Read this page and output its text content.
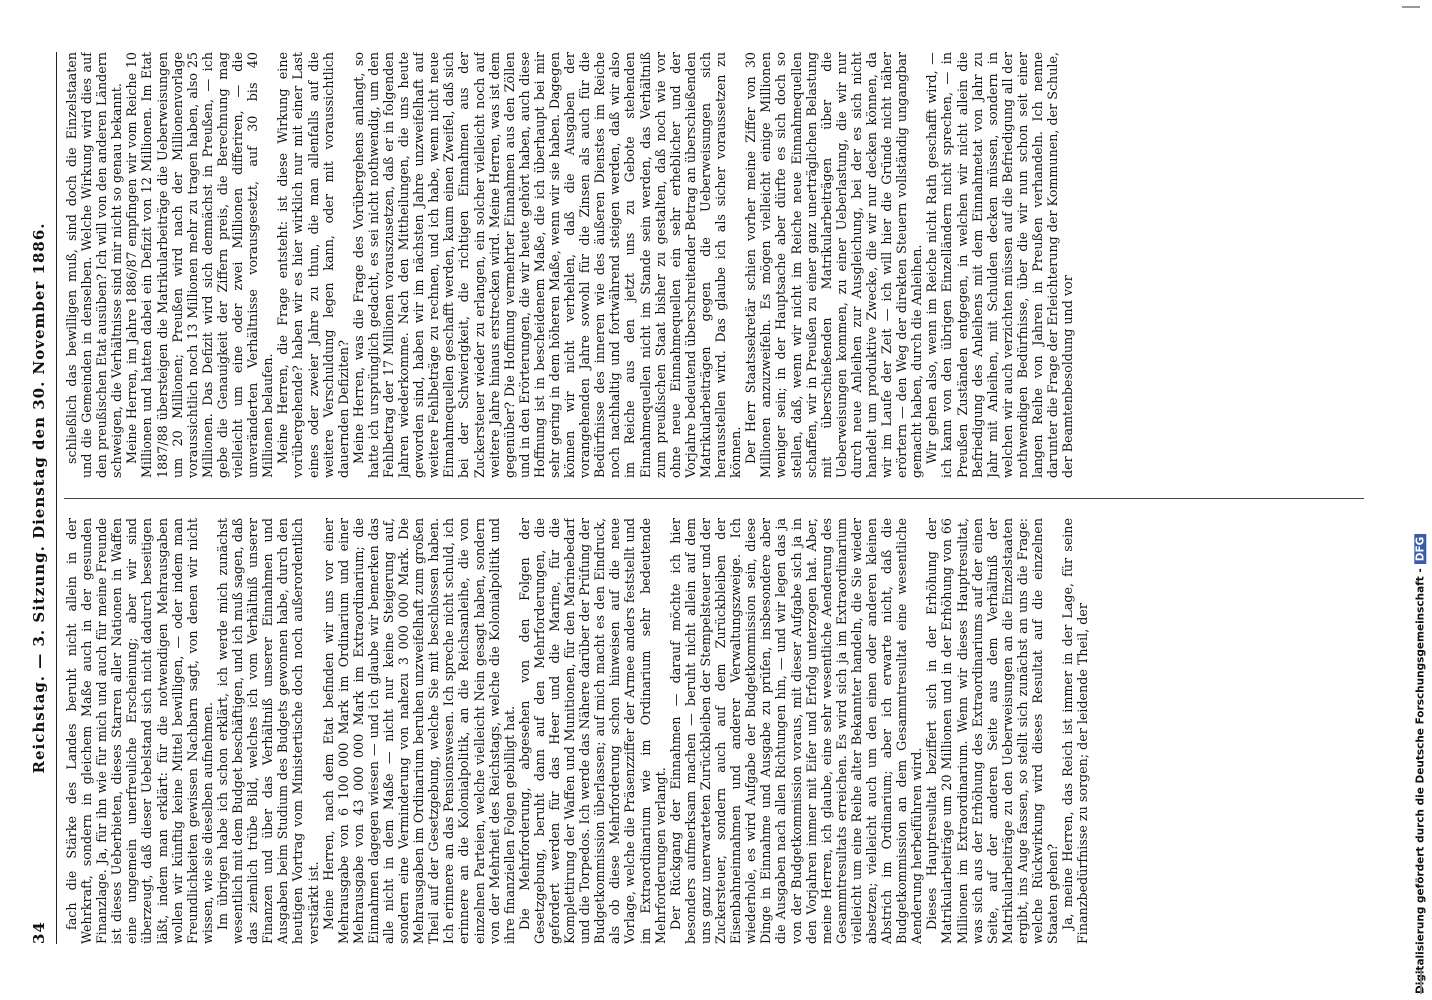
34
Reichstag. — 3. Sitzung. Dienstag den 30. November 1886. fach die Stärke des Landes beruht nicht allein in der Wehrkraft, sondern in gleichem Maße auch in der gesunden Finanzlage. Ja, für ihn wie für mich und auch für meine Freunde ist dieses Ueberbieten, dieses Starren aller Nationen in Waffen eine ungemein unerfreuliche Erscheinung; aber wir sind überzeugt, daß dieser Uebelstand sich nicht dadurch beseitigen läßt, indem man erklärt: für die notwendigen Mehrausgaben wollen wir künftig keine Mittel bewilligen, — oder indem man Freundlichkeiten gewissen Nachbarn sagt, von denen wir nicht wissen, wie sie dieselben aufnehmen. Im übrigen habe ich schon erklärt, ich werde mich zunächst wesentlich mit dem Budget beschäftigen, und ich muß sagen, daß das ziemlich trübe Bild, welches ich vom Verhältniß unserer Finanzen und über das Verhältniß unserer Einnahmen und Ausgaben beim Studium des Budgets gewonnen habe, durch den heutigen Vortrag vom Ministertische doch noch außerordentlich verstärkt ist. Meine Herren, nach dem Etat befinden wir uns vor einer Mehrausgabe von 6 100 000 Mark im Ordinarium und einer Mehrausgabe von 43 000 000 Mark im Extraordinarium; die Einnahmen dagegen wiesen — und ich glaube wir bemerken das alle nicht in dem Maße — nicht nur keine Steigerung auf, sondern eine Verminderung von nahezu 3 000 000 Mark. Die Mehrausgaben im Ordinarium beruhen unzweifelhaft zum großen Theil auf der Gesetzgebung, welche Sie mit beschlossen haben. Ich erinnere an das Pensionswesen. Ich spreche nicht schuld, ich erinnere an die Kolonialpolitik, an die Reichsanleihe, die von einzelnen Parteien, welche vielleicht Nein gesagt haben, sondern von der Mehrheit des Reichstags, welche die Kolonialpolitik und ihre finanziellen Folgen gebilligt hat. Die Mehrforderung, abgesehen von den Folgen der Gesetzgebung, beruht dann auf den Mehrforderungen, die gefordert werden für das Heer und die Marine, für die Komplettirung der Waffen und Munitionen, für den Marinebedarf und die Torpedos. Ich werde das Nähere darüber der Prüfung der Budgetkommission überlassen; auf mich macht es den Eindruck, als ob diese Mehrforderung schon hinweisen auf die neue Vorlage, welche die Präsenzziffer der Armee anders feststellt und im Extraordinarium wie im Ordinarium sehr bedeutende Mehrforderungen verlangt. Der Rückgang der Einnahmen — darauf möchte ich hier besonders aufmerksam machen — beruht nicht allein auf dem uns ganz unerwarteten Zurückbleiben der Stempelsteuer und der Zuckersteuer, sondern auch auf dem Zurückbleiben der Eisenbahneinnahmen und anderer Verwaltungszweige. Ich wiederhole, es wird Aufgabe der Budgetkommission sein, diese Dinge in Einnahme und Ausgabe zu prüfen, insbesondere aber die Ausgaben nach allen Richtungen hin, — und wir legen das ja von der Budgetkommission voraus, mit dieser Aufgabe sich ja in den Vorjahren immer mit Eifer und Erfolg unterzogen hat. Aber, meine Herren, ich glaube, eine sehr wesentliche Aenderung des Gesammtresultats erreichen. Es wird sich ja im Extraordinarium vielleicht um eine Reihe alter Bekannter handeln, die Sie wieder absetzen; vielleicht auch um den einen oder anderen kleinen Abstrich im Ordinarium; aber ich erwarte nicht, daß die Budgetkommission an dem Gesammtresultat eine wesentliche Aenderung herbeiführen wird. Dieses Hauptresultat beziffert sich in der Erhöhung der Matrikularbeiträge um 20 Millionen und in der Erhöhung von 66 Millionen im Extraordinarium. Wenn wir dieses Hauptresultat, was sich aus der Erhöhung des Extraordinariums auf der einen Seite, auf der anderen Seite aus dem Verhältniß der Matrikularbeiträge zu den Ueberweisungen an die Einzelstaaten ergibt, ins Auge fassen, so stellt sich zunächst an uns die Frage: welche Rückwirkung wird dieses Resultat auf die einzelnen Staaten gehen? Ja, meine Herren, das Reich ist immer in der Lage, für seine Finanzbedürfnisse zu sorgen; der leidende Theil, der

schließlich das bewilligen muß, sind doch die Einzelstaaten und die Gemeinden in denselben. Welche Wirkung wird dies auf den preußischen Etat ausüben? Ich will von den anderen Ländern schweigen, die Verhältnisse sind mir nicht so genau bekannt. Meine Herren, im Jahre 1886/87 empfingen wir vom Reiche 10 Millionen und hatten dabei ein Defizit von 12 Millionen. Im Etat 1887/88 übersteigen die Matrikularbeiträge die Ueberweisungen um 20 Millionen; Preußen wird nach der Millionenvorlage voraussichtlich noch 13 Millionen mehr zu tragen haben, also 25 Millionen. Das Defizit wird sich demnächst in Preußen, — ich gebe die Genauigkeit der Ziffern preis, die Berechnung mag vielleicht um eine oder zwei Millionen differiren, — die unveränderten Verhältnisse vorausgesetzt, auf 30 bis 40 Millionen belaufen. Meine Herren, die Frage entsteht: ist diese Wirkung eine vorübergehende? haben wir es hier wirklich nur mit einer Last eines oder zweier Jahre zu thun, die man allenfalls auf die weitere Verschuldung legen kann, oder mit voraussichtlich dauernden Defiziten? Meine Herren, was die Frage des Vorübergehens anlangt, so hatte ich ursprünglich gedacht, es sei nicht nothwendig, um den Fehlbetrag der 17 Millionen vorauszusetzen, daß er in folgenden Jahren wiederkomme. Nach den Mittheilungen, die uns heute geworden sind, haben wir im nächsten Jahre unzweifelhaft auf weitere Fehlbeträge zu rechnen, und ich habe, wenn nicht neue Einnahmequellen geschafft werden, kaum einen Zweifel, daß sich bei der Schwierigkeit, die richtigen Einnahmen aus der Zuckersteuer wieder zu erlangen, ein solcher vielleicht noch auf weitere Jahre hinaus erstrecken wird. Meine Herren, was ist dem gegenüber? Die Hoffnung vermehrter Einnahmen aus den Zöllen und in den Erörterungen, die wir heute gehört haben, auch diese Hoffnung ist in bescheidenem Maße, die ich überhaupt bei mir sehr gering in dem höheren Maße, wenn wir sie haben. Dagegen können wir nicht verhehlen, daß die Ausgaben der vorangehenden Jahre sowohl für die Zinsen als auch für die Bedürfnisse des inneren wie des äußeren Dienstes im Reiche noch nachhaltig und fortwährend steigen werden, daß wir also im Reiche aus den jetzt uns zu Gebote stehenden Einnahmequellen nicht im Stande sein werden, das Verhältniß zum preußischen Staat bisher zu gestalten, daß noch wie vor ohne neue Einnahmequellen ein sehr erheblicher und der Vorjahre bedeutend überschreitender Betrag an überschießenden Matrikularbeiträgen gegen die Ueberweisungen sich herausstellen wird. Das glaube ich als sicher voraussetzen zu können. Der Herr Staatssekretär schien vorher meine Ziffer von 30 Millionen anzuzweifeln. Es mögen vielleicht einige Millionen weniger sein; in der Hauptsache aber dürfte es sich doch so stellen, daß, wenn wir nicht im Reiche neue Einnahmequellen schaffen, wir in Preußen zu einer ganz unerträglichen Belastung mit überschießenden Matrikularbeiträgen über die Ueberweisungen kommen, zu einer Ueberlastung, die wir nur durch neue Anleihen zur Ausgleichung, bei der es sich nicht handelt um produktive Zwecke, die wir nur decken können, da wir im Laufe der Zeit — ich will hier die Gründe nicht näher erörtern — den Weg der direkten Steuern vollständig ungangbar gemacht haben, durch die Anleihen. Wir gehen also, wenn im Reiche nicht Rath geschafft wird, — ich kann von den übrigen Einzelländern nicht sprechen, — in Preußen Zuständen entgegen, in welchen wir nicht allein die Befriedigung des Anleihens mit dem Einnahmetat von Jahr zu Jahr mit Anleihen, mit Schulden decken müssen, sondern in welchen wir auch verzichten müssen auf die Befriedigung all der nothwendigen Bedürfnisse, über die wir nun schon seit einer langen Reihe von Jahren in Preußen verhandeln. Ich nenne darunter die Frage der Erleichterung der Kommunen, der Schule, der Beamtenbesoldung und vor

Digitalisierung gefördert durch die Deutsche Forschungsgemeinschaft -DFG
